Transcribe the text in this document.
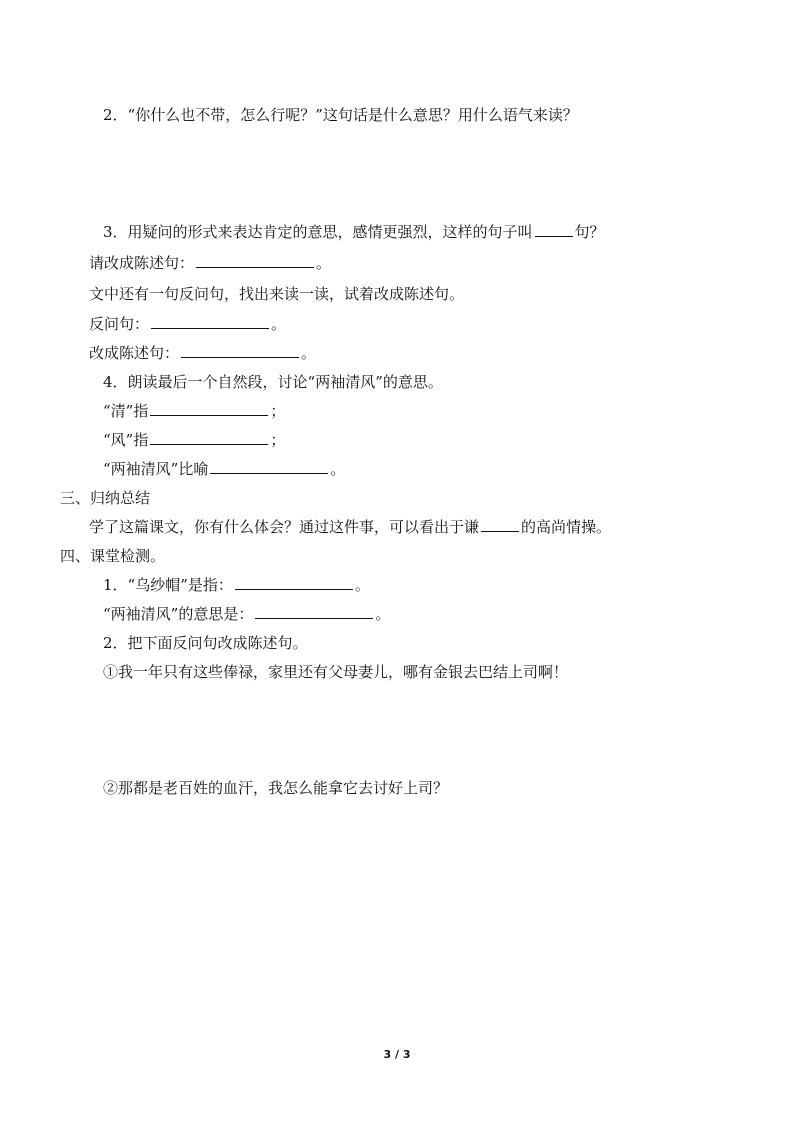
2．“你什么也不带，怎么行呢？”这句话是什么意思？用什么语气来读？
3．用疑问的形式来表达肯定的意思，感情更强烈，这样的句子叫	句？
请改成陈述句：	。
文中还有一句反问句，找出来读一读，试着改成陈述句。
反问句：	。
改成陈述句：	。
4．朗读最后一个自然段，讨论“两袖清风”的意思。
“清”指	；
“风”指	；
“两袖清风”比喻	。
三、归纳总结
学了这篇课文，你有什么体会？通过这件事，可以看出于谦	的高尚情操。
四、课堂检测。
1．“乌纱帽”是指：	。
“两袖清风”的意思是：	。
2．把下面反问句改成陈述句。
①我一年只有这些俸禄，家里还有父母妻儿，哪有金银去巴结上司啊！
②那都是老百姓的血汗，我怎么能拿它去讨好上司？
3 / 3
